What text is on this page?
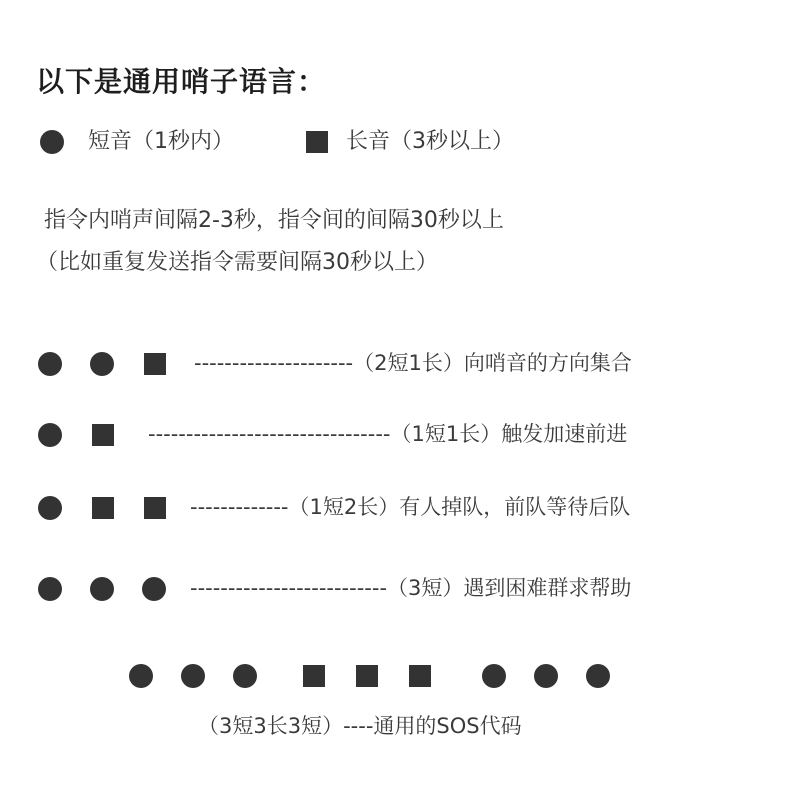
以下是通用哨子语言：
短音（1秒内）	长音（3秒以上）
指令内哨声间隔2-3秒，指令间的间隔30秒以上
（比如重复发送指令需要间隔30秒以上）
---------------------（2短1长）向哨音的方向集合
--------------------------------（1短1长）触发加速前进
-------------（1短2长）有人掉队，前队等待后队
--------------------------（3短）遇到困难群求帮助
（3短3长3短）----通用的SOS代码
